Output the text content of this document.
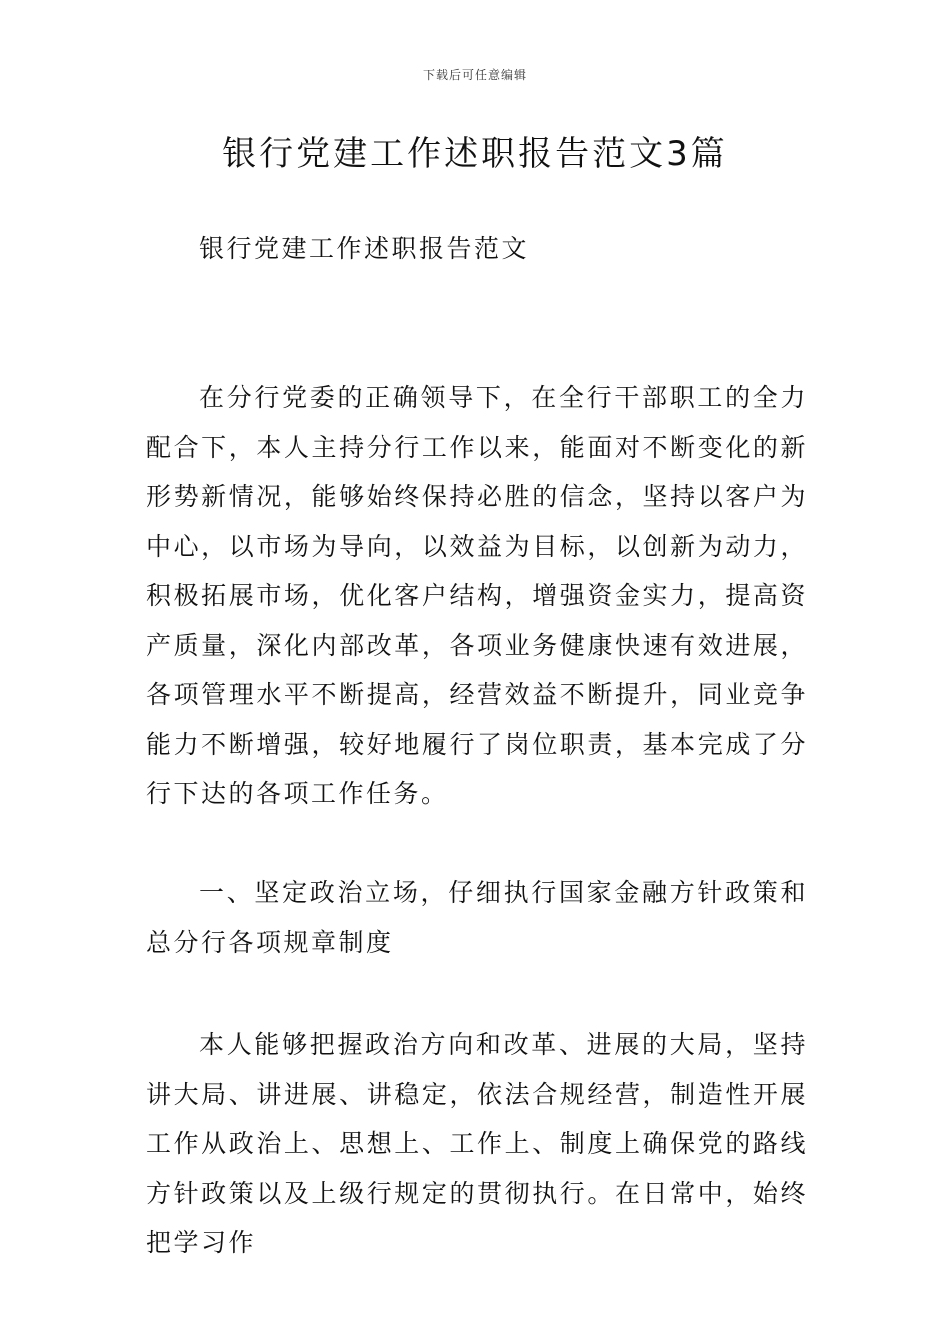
下载后可任意编辑
银行党建工作述职报告范文3篇

银行党建工作述职报告范文

在分行党委的正确领导下，在全行干部职工的全力配合下，本人主持分行工作以来，能面对不断变化的新形势新情况，能够始终保持必胜的信念，坚持以客户为中心，以市场为导向，以效益为目标，以创新为动力，积极拓展市场，优化客户结构，增强资金实力，提高资产质量，深化内部改革，各项业务健康快速有效进展，各项管理水平不断提高，经营效益不断提升，同业竞争能力不断增强，较好地履行了岗位职责，基本完成了分行下达的各项工作任务。

一、坚定政治立场，仔细执行国家金融方针政策和总分行各项规章制度

本人能够把握政治方向和改革、进展的大局，坚持讲大局、讲进展、讲稳定，依法合规经营，制造性开展工作从政治上、思想上、工作上、制度上确保党的路线方针政策以及上级行规定的贯彻执行。在日常中，始终把学习作
